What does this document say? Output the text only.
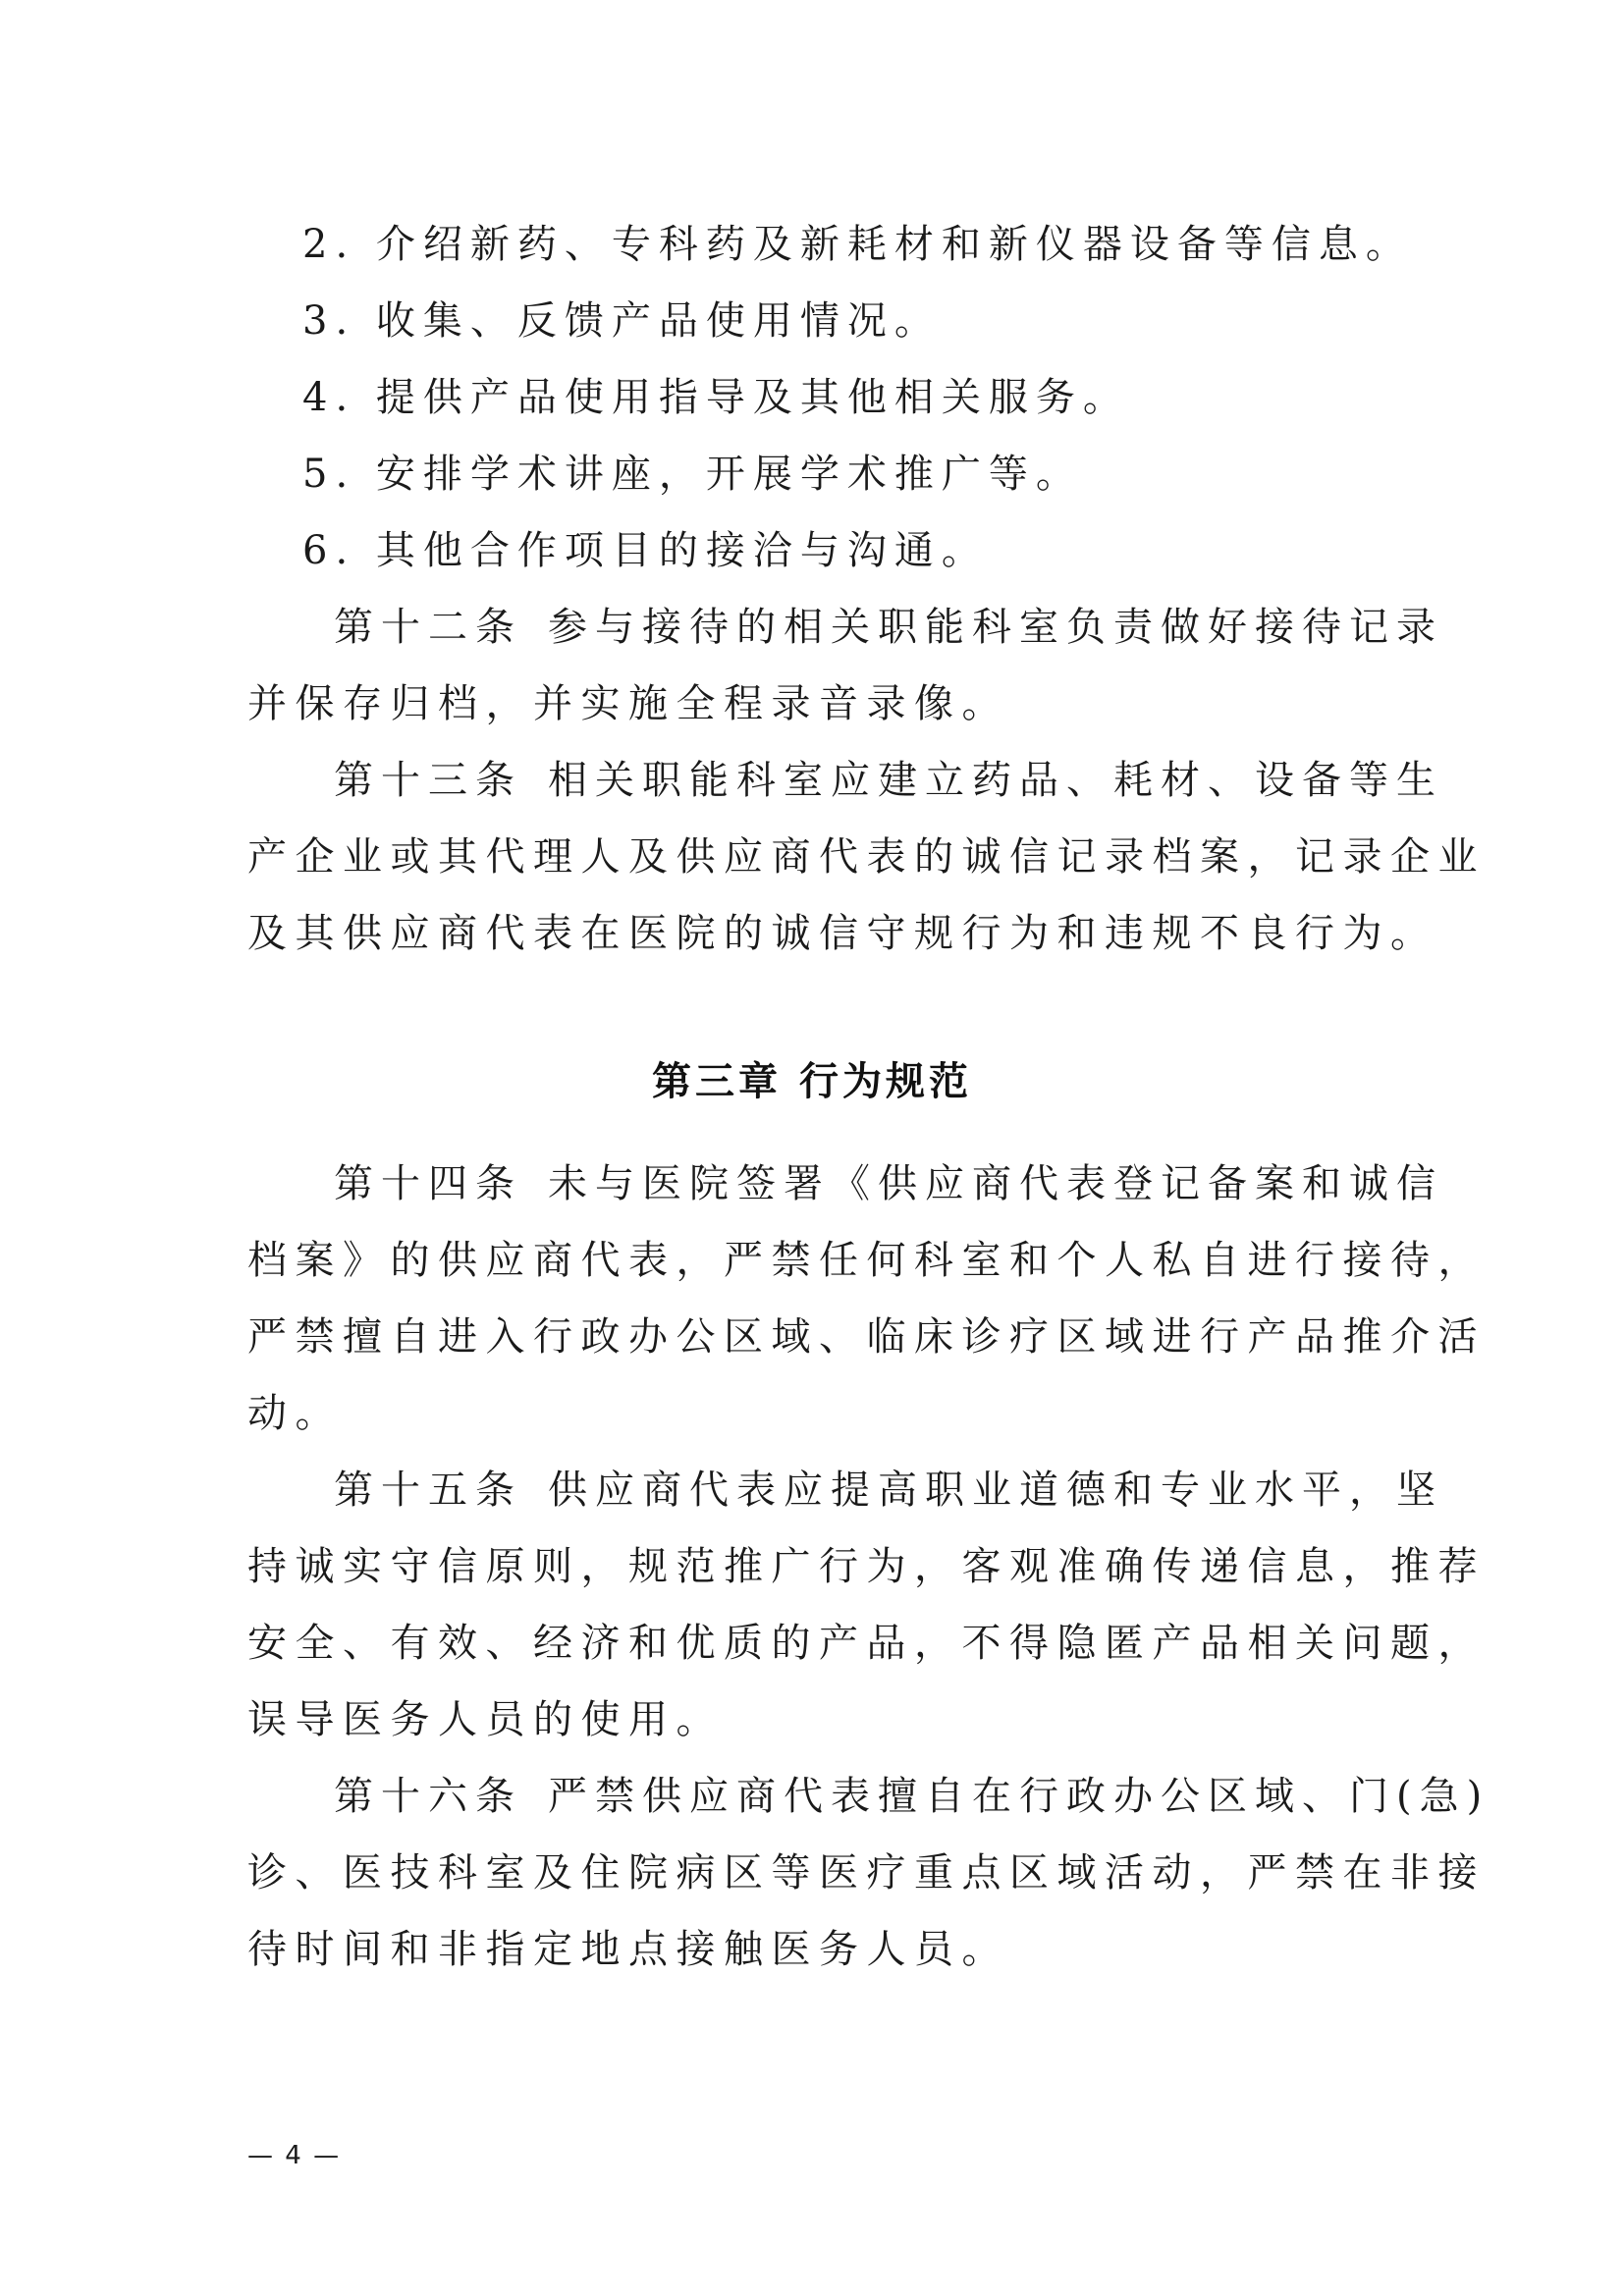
2. 介绍新药、专科药及新耗材和新仪器设备等信息。
3. 收集、反馈产品使用情况。
4. 提供产品使用指导及其他相关服务。
5. 安排学术讲座，开展学术推广等。
6. 其他合作项目的接洽与沟通。
第十二条 参与接待的相关职能科室负责做好接待记录
并保存归档，并实施全程录音录像。
第十三条 相关职能科室应建立药品、耗材、设备等生
产企业或其代理人及供应商代表的诚信记录档案，记录企业
及其供应商代表在医院的诚信守规行为和违规不良行为。
第三章 行为规范
第十四条 未与医院签署《供应商代表登记备案和诚信
档案》的供应商代表，严禁任何科室和个人私自进行接待，
严禁擅自进入行政办公区域、临床诊疗区域进行产品推介活
动。
第十五条 供应商代表应提高职业道德和专业水平，坚
持诚实守信原则，规范推广行为，客观准确传递信息，推荐
安全、有效、经济和优质的产品，不得隐匿产品相关问题，
误导医务人员的使用。
第十六条 严禁供应商代表擅自在行政办公区域、门(急)
诊、医技科室及住院病区等医疗重点区域活动，严禁在非接
待时间和非指定地点接触医务人员。
— 4 —
